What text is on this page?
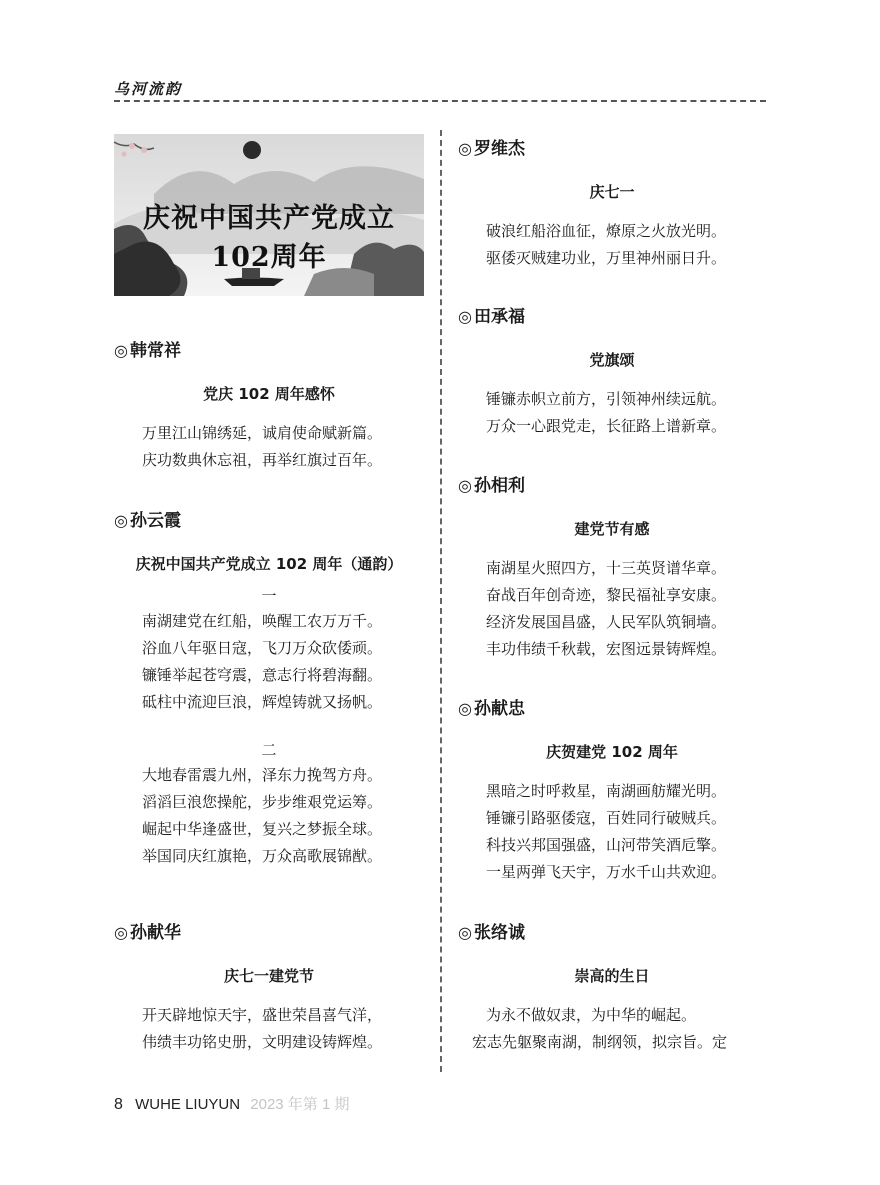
乌河流韵
庆祝中国共产党成立102周年
◎ 韩常祥
党庆 102 周年感怀
万里江山锦绣延，诚肩使命赋新篇。
庆功数典休忘祖，再举红旗过百年。
◎ 孙云霞
庆祝中国共产党成立 102 周年（通韵）
一
南湖建党在红船，唤醒工农万万千。
浴血八年驱日寇，飞刀万众砍倭顽。
镰锤举起苍穹震，意志行将碧海翻。
砥柱中流迎巨浪，辉煌铸就又扬帆。
二
大地春雷震九州，泽东力挽驾方舟。
滔滔巨浪您操舵，步步维艰党运筹。
崛起中华逢盛世，复兴之梦振全球。
举国同庆红旗艳，万众高歌展锦猷。
◎ 孙献华
庆七一建党节
开天辟地惊天宇，盛世荣昌喜气洋，
伟绩丰功铭史册，文明建设铸辉煌。
◎ 罗维杰
庆七一
破浪红船浴血征，燎原之火放光明。
驱倭灭贼建功业，万里神州丽日升。
◎ 田承福
党旗颂
锤镰赤帜立前方，引领神州续远航。
万众一心跟党走，长征路上谱新章。
◎ 孙相利
建党节有感
南湖星火照四方，十三英贤谱华章。
奋战百年创奇迹，黎民福祉享安康。
经济发展国昌盛，人民军队筑铜墙。
丰功伟绩千秋载，宏图远景铸辉煌。
◎ 孙献忠
庆贺建党 102 周年
黑暗之时呼救星，南湖画舫耀光明。
锤镰引路驱倭寇，百姓同行破贼兵。
科技兴邦国强盛，山河带笑酒卮擎。
一星两弹飞天宇，万水千山共欢迎。
◎ 张络诚
崇高的生日
为永不做奴隶，为中华的崛起。
宏志先躯聚南湖，制纲领，拟宗旨。定
8 WUHE LIUYUN 2023 年第 1 期
